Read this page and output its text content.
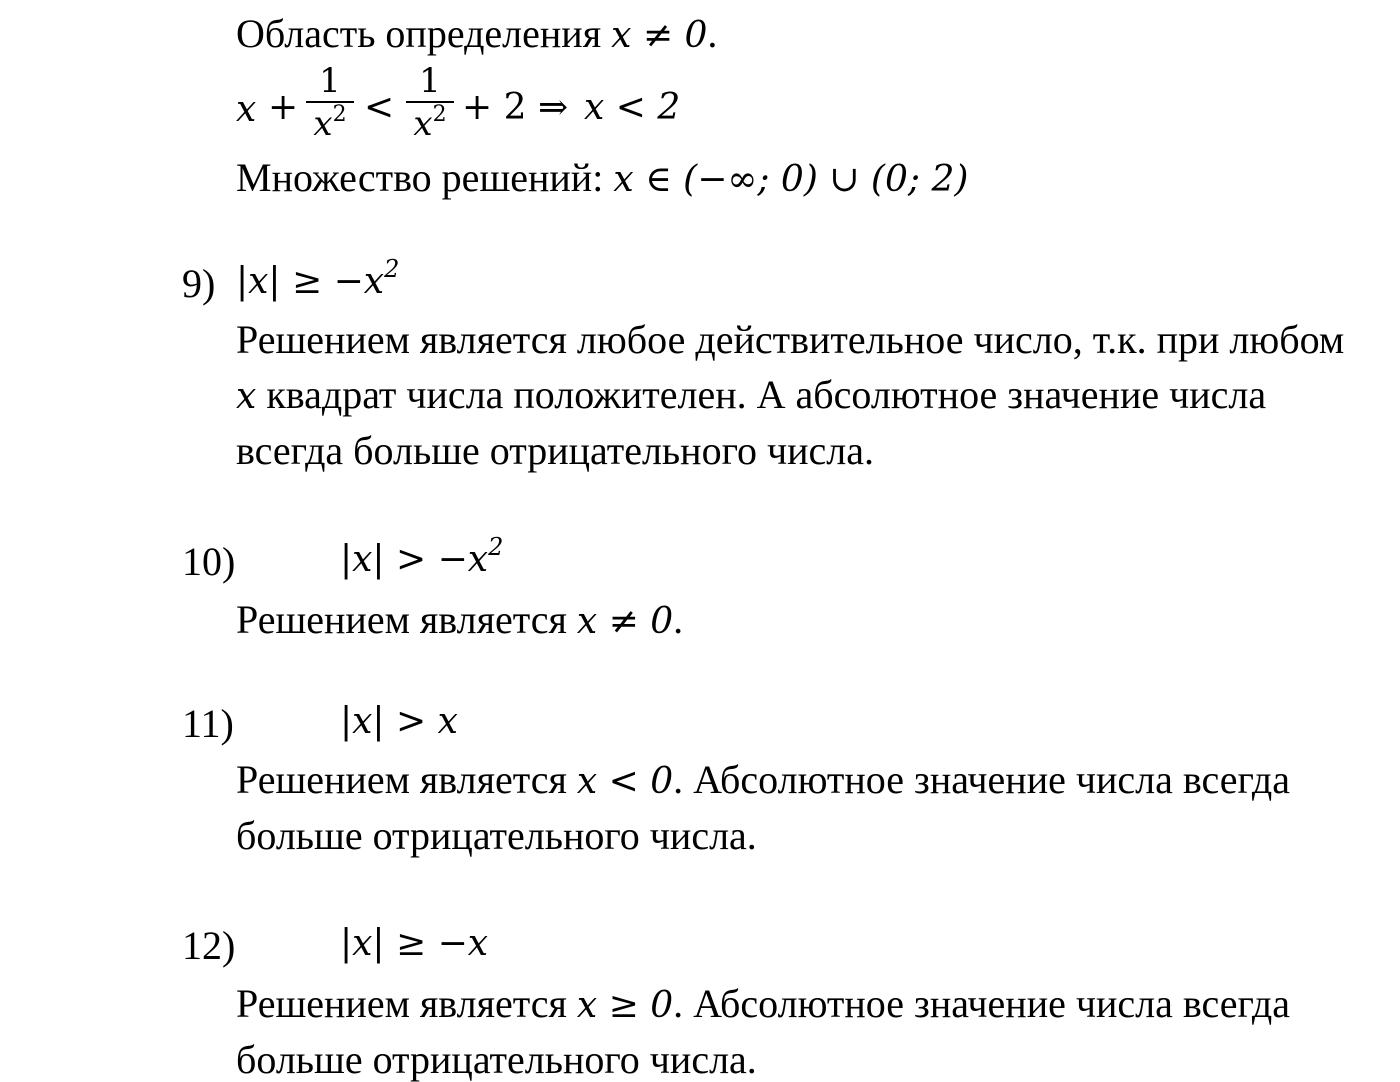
Область определения x ≠ 0.
x +
1
$x^2$ <
1
$x^2 + 2$ ⇒ x < 2
Множество решений: x ∈ (−∞; 0) ∪ (0; 2)
9) $|x| \ge -x^2$
Решением является любое действительное число, т.к. при любом
x квадрат числа положителен. А абсолютное значение числа
всегда больше отрицательного числа.
10)	$|x| > -x^2$
Решением является x ≠ 0.
11)	|x| > x
Решением является x < 0. Абсолютное значение числа всегда
больше отрицательного числа.
12)	|x| ≥ −x
Решением является x ≥ 0. Абсолютное значение числа всегда
больше отрицательного числа.
